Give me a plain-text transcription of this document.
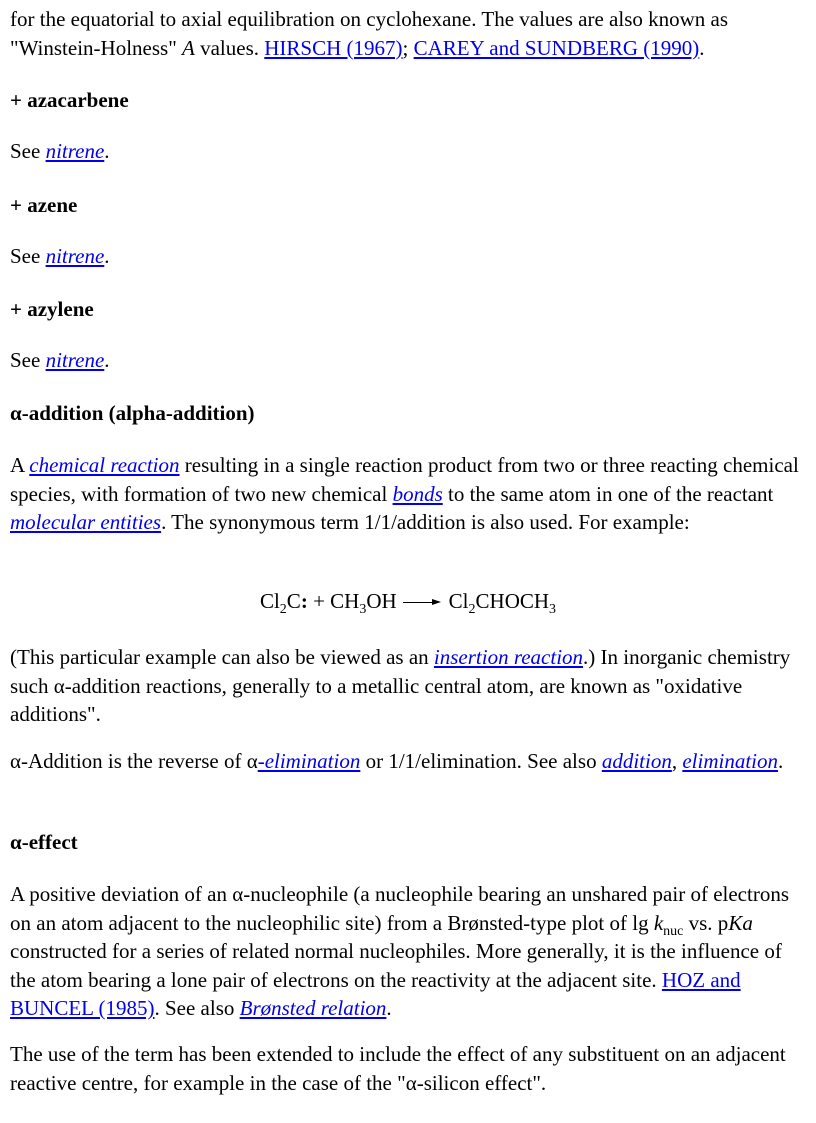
for the equatorial to axial equilibration on cyclohexane. The values are also known as "Winstein-Holness" A values. HIRSCH (1967); CAREY and SUNDBERG (1990).

+ azacarbene

See nitrene.

+ azene

See nitrene.

+ azylene

See nitrene.

α-addition (alpha-addition)

A chemical reaction resulting in a single reaction product from two or three reacting chemical species, with formation of two new chemical bonds to the same atom in one of the reactant molecular entities. The synonymous term 1/1/addition is also used. For example:

$Cl_2C$: + $CH_3OH$ $Cl_2CHOCH_3$

(This particular example can also be viewed as an insertion reaction.) In inorganic chemistry such α-addition reactions, generally to a metallic central atom, are known as "oxidative additions".

α-Addition is the reverse of α-elimination or 1/1/elimination. See also addition, elimination.

α-effect

A positive deviation of an α-nucleophile (a nucleophile bearing an unshared pair of electrons on an atom adjacent to the nucleophilic site) from a Brønsted-type plot of $\lg k_{nuc}$ vs. pKa constructed for a series of related normal nucleophiles. More generally, it is the influence of the atom bearing a lone pair of electrons on the reactivity at the adjacent site. HOZ and BUNCEL (1985). See also Brønsted relation.

The use of the term has been extended to include the effect of any substituent on an adjacent reactive centre, for example in the case of the "α-silicon effect".
